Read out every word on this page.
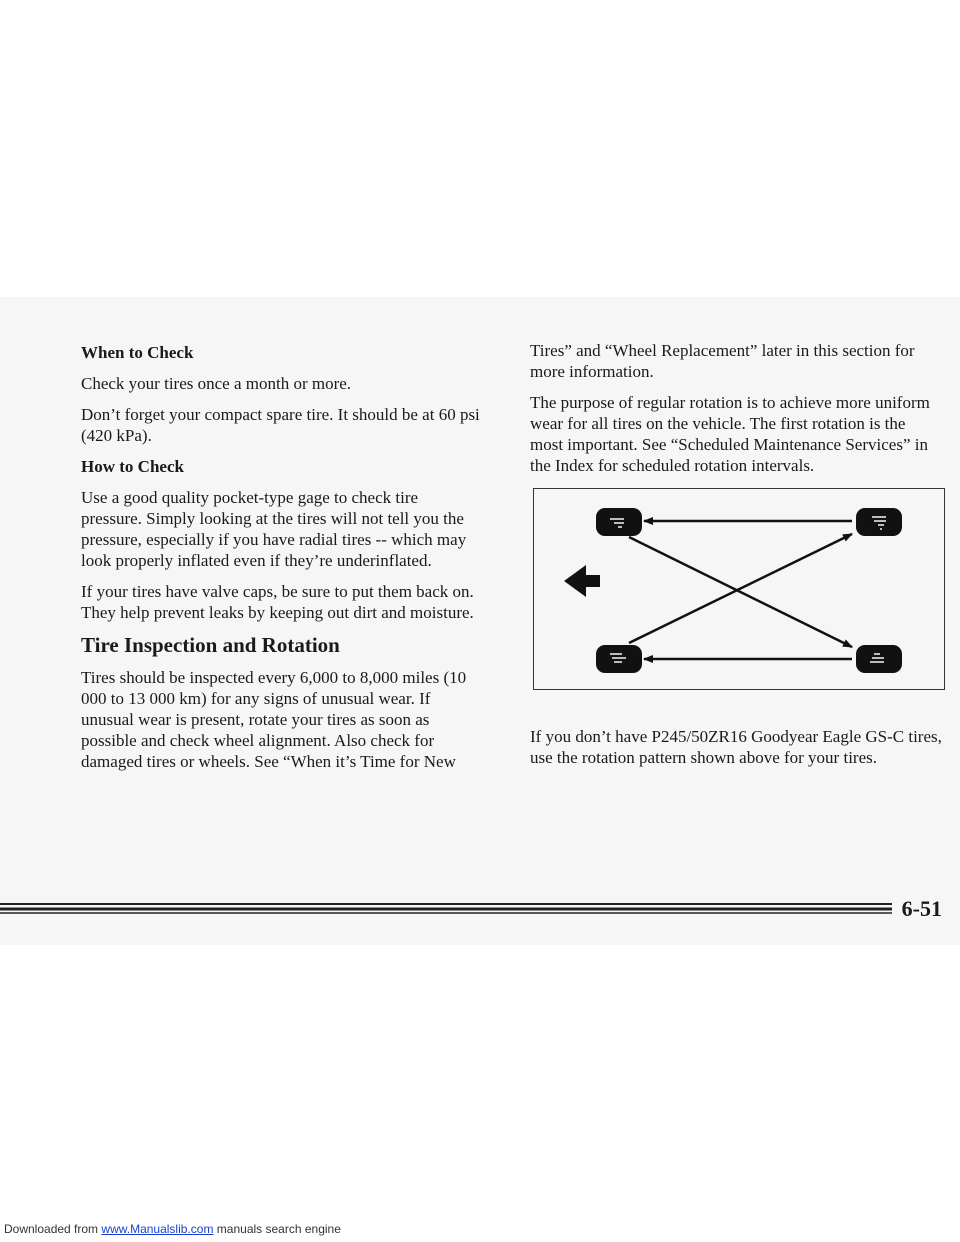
When to Check

Check your tires once a month or more.

Don’t forget your compact spare tire. It should be at 60 psi (420 kPa).

How to Check

Use a good quality pocket-type gage to check tire pressure. Simply looking at the tires will not tell you the pressure, especially if you have radial tires -- which may look properly inflated even if they’re underinflated.

If your tires have valve caps, be sure to put them back on. They help prevent leaks by keeping out dirt and moisture.

Tire Inspection and Rotation

Tires should be inspected every 6,000 to 8,000 miles (10 000 to 13 000 km) for any signs of unusual wear. If unusual wear is present, rotate your tires as soon as possible and check wheel alignment. Also check for damaged tires or wheels. See “When it’s Time for New

Tires” and “Wheel Replacement” later in this section for more information.

The purpose of regular rotation is to achieve more uniform wear for all tires on the vehicle. The first rotation is the most important. See “Scheduled Maintenance Services” in the Index for scheduled rotation intervals.

If you don’t have P245/50ZR16 Goodyear Eagle GS-C tires, use the rotation pattern shown above for your tires.

6-51
Downloaded from www.Manualslib.com manuals search engine
